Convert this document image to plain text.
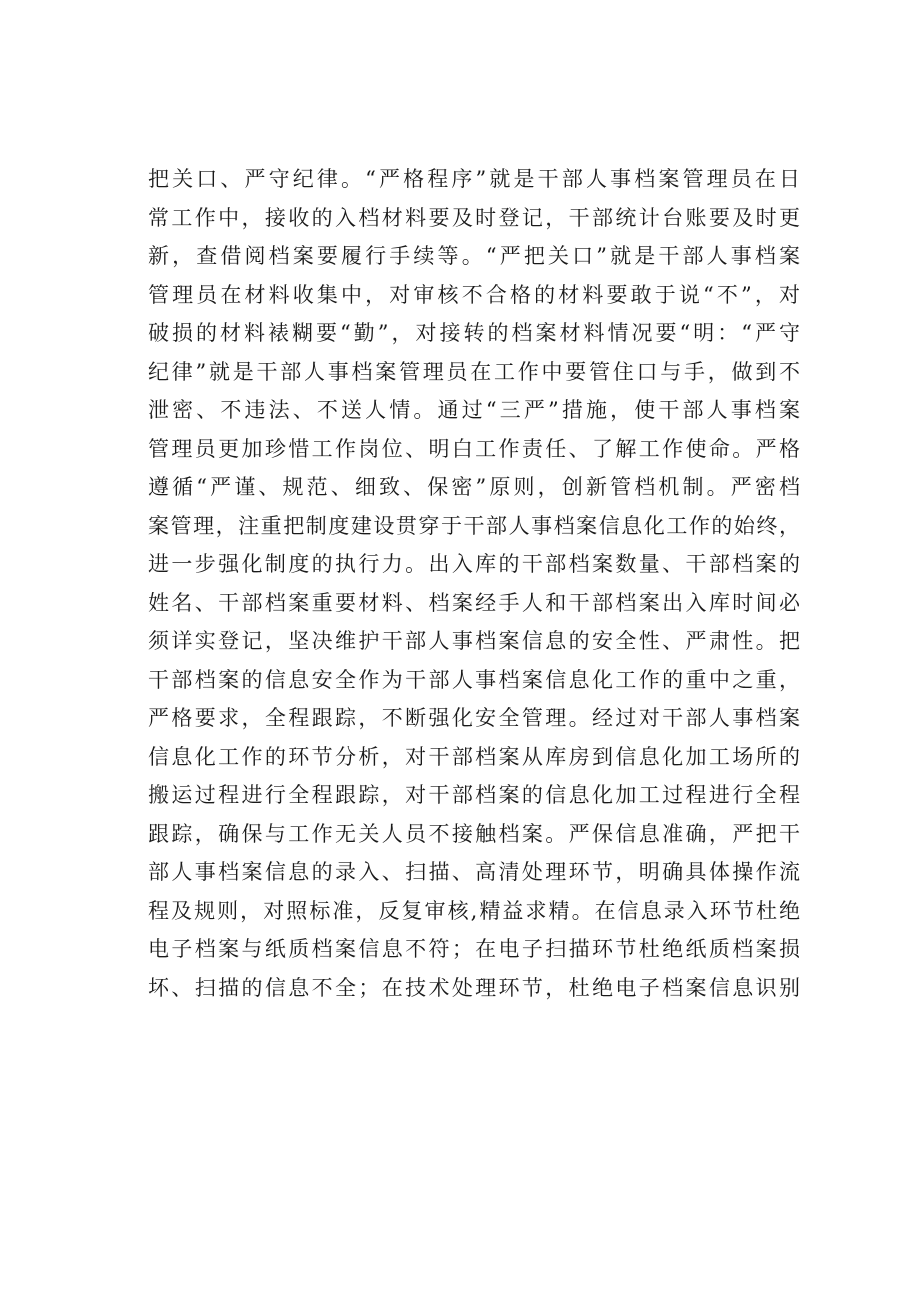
把关口、严守纪律。“严格程序”就是干部人事档案管理员在日
常工作中，接收的入档材料要及时登记，干部统计台账要及时更
新，查借阅档案要履行手续等。“严把关口”就是干部人事档案
管理员在材料收集中，对审核不合格的材料要敢于说“不”，对
破损的材料裱糊要“勤”，对接转的档案材料情况要“明：“严守
纪律”就是干部人事档案管理员在工作中要管住口与手，做到不
泄密、不违法、不送人情。通过“三严”措施，使干部人事档案
管理员更加珍惜工作岗位、明白工作责任、了解工作使命。严格
遵循“严谨、规范、细致、保密”原则，创新管档机制。严密档
案管理，注重把制度建设贯穿于干部人事档案信息化工作的始终，
进一步强化制度的执行力。出入库的干部档案数量、干部档案的
姓名、干部档案重要材料、档案经手人和干部档案出入库时间必
须详实登记，坚决维护干部人事档案信息的安全性、严肃性。把
干部档案的信息安全作为干部人事档案信息化工作的重中之重，
严格要求，全程跟踪，不断强化安全管理。经过对干部人事档案
信息化工作的环节分析，对干部档案从库房到信息化加工场所的
搬运过程进行全程跟踪，对干部档案的信息化加工过程进行全程
跟踪，确保与工作无关人员不接触档案。严保信息准确，严把干
部人事档案信息的录入、扫描、高清处理环节，明确具体操作流
程及规则，对照标准，反复审核,精益求精。在信息录入环节杜绝
电子档案与纸质档案信息不符；在电子扫描环节杜绝纸质档案损
坏、扫描的信息不全；在技术处理环节，杜绝电子档案信息识别
